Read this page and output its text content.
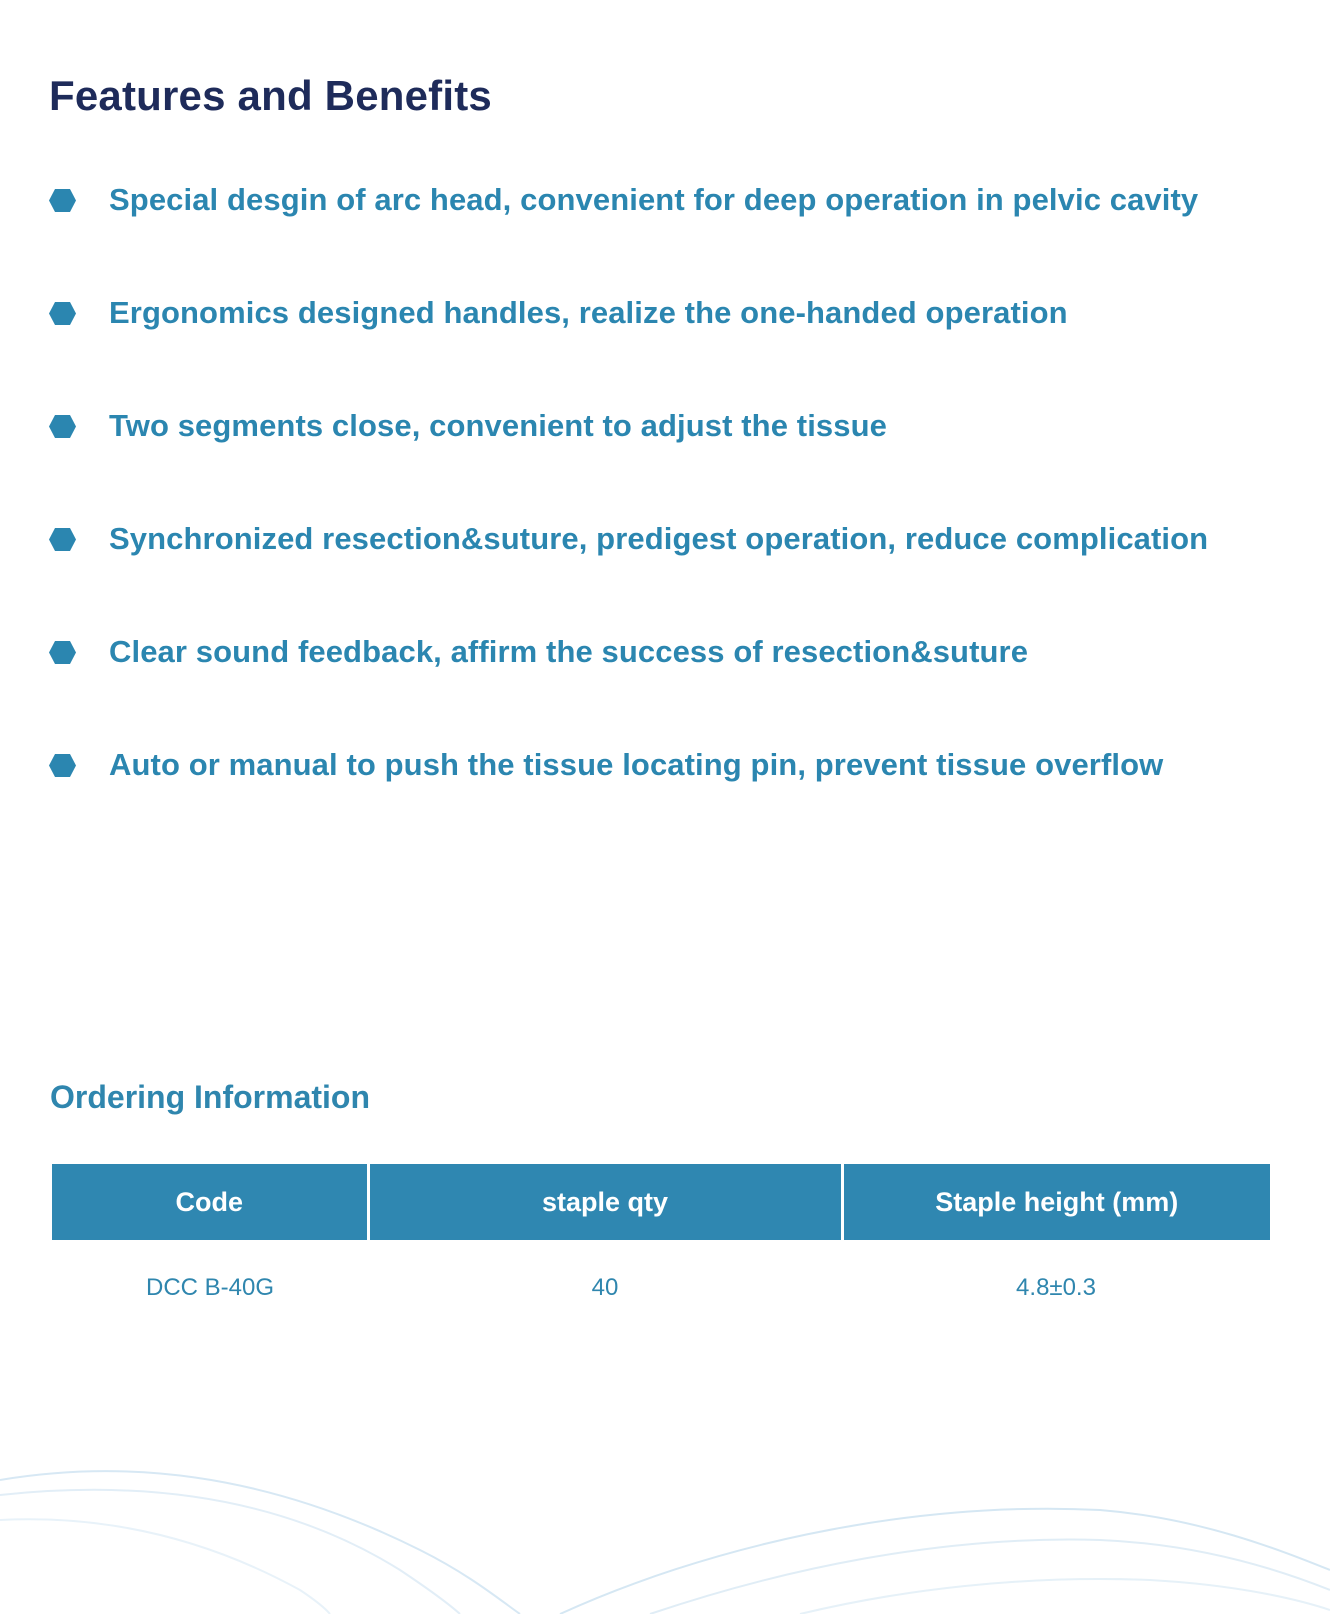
Features and Benefits
Special desgin of arc head, convenient for deep operation in pelvic cavity
Ergonomics designed handles, realize the one-handed operation
Two segments close, convenient to adjust the tissue
Synchronized resection&suture, predigest operation, reduce complication
Clear sound feedback, affirm the success of resection&suture
Auto or manual to push the tissue locating pin, prevent tissue overflow
Ordering Information
Code	staple qty	Staple height (mm)
DCC B-40G	40	4.8±0.3
